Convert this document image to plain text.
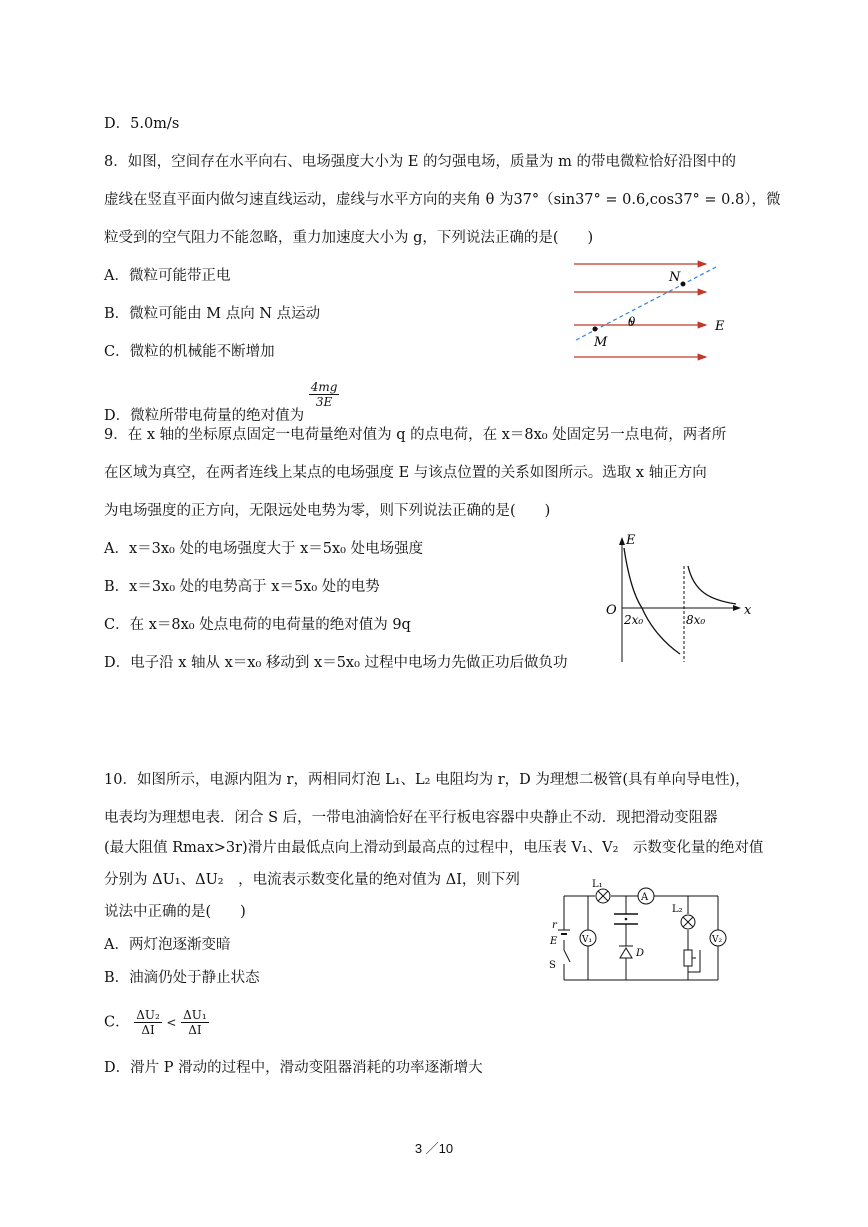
D．5.0m/s
8．如图，空间存在水平向右、电场强度大小为 E 的匀强电场，质量为 m 的带电微粒恰好沿图中的
虚线在竖直平面内做匀速直线运动，虚线与水平方向的夹角 θ 为37°（sin37° = 0.6,cos37° = 0.8），微
粒受到的空气阻力不能忽略，重力加速度大小为 g，下列说法正确的是(　　)
A．微粒可能带正电
B．微粒可能由 M 点向 N 点运动
C．微粒的机械能不断增加
D．微粒所带电荷量的绝对值为
$\frac{4mg}{3E}$
N
M
θ	E
9．在 x 轴的坐标原点固定一电荷量绝对值为 q 的点电荷，在 x＝8x₀ 处固定另一点电荷，两者所
在区域为真空，在两者连线上某点的电场强度 E 与该点位置的关系如图所示。选取 x 轴正方向
为电场强度的正方向，无限远处电势为零，则下列说法正确的是(　　)
A．x＝3x₀ 处的电场强度大于 x＝5x₀ 处电场强度
B．x＝3x₀ 处的电势高于 x＝5x₀ 处的电势
C．在 x＝8x₀ 处点电荷的电荷量的绝对值为 9q
D．电子沿 x 轴从 x＝x₀ 移动到 x＝5x₀ 过程中电场力先做正功后做负功
E
O	x
2x₀	8x₀
10．如图所示，电源内阻为 r，两相同灯泡 L₁、L₂ 电阻均为 r，D 为理想二极管(具有单向导电性)，
电表均为理想电表．闭合 S 后，一带电油滴恰好在平行板电容器中央静止不动．现把滑动变阻器
(最大阻值 Rmax>3r)滑片由最低点向上滑动到最高点的过程中，电压表 V₁、V₂　示数变化量的绝对值
分别为 ΔU₁、ΔU₂　，电流表示数变化量的绝对值为 ΔI，则下列
说法中正确的是(　　)
A．两灯泡逐渐变暗
B．油滴仍处于静止状态
C． $\frac{\text{ΔU₂}}{\Delta I} < \frac{\text{ΔU₁}}{\Delta I}$
D．滑片 P 滑动的过程中，滑动变阻器消耗的功率逐渐增大
A
L₁
L₂
V₁	V₂
r
E
S
D
3 ／10
